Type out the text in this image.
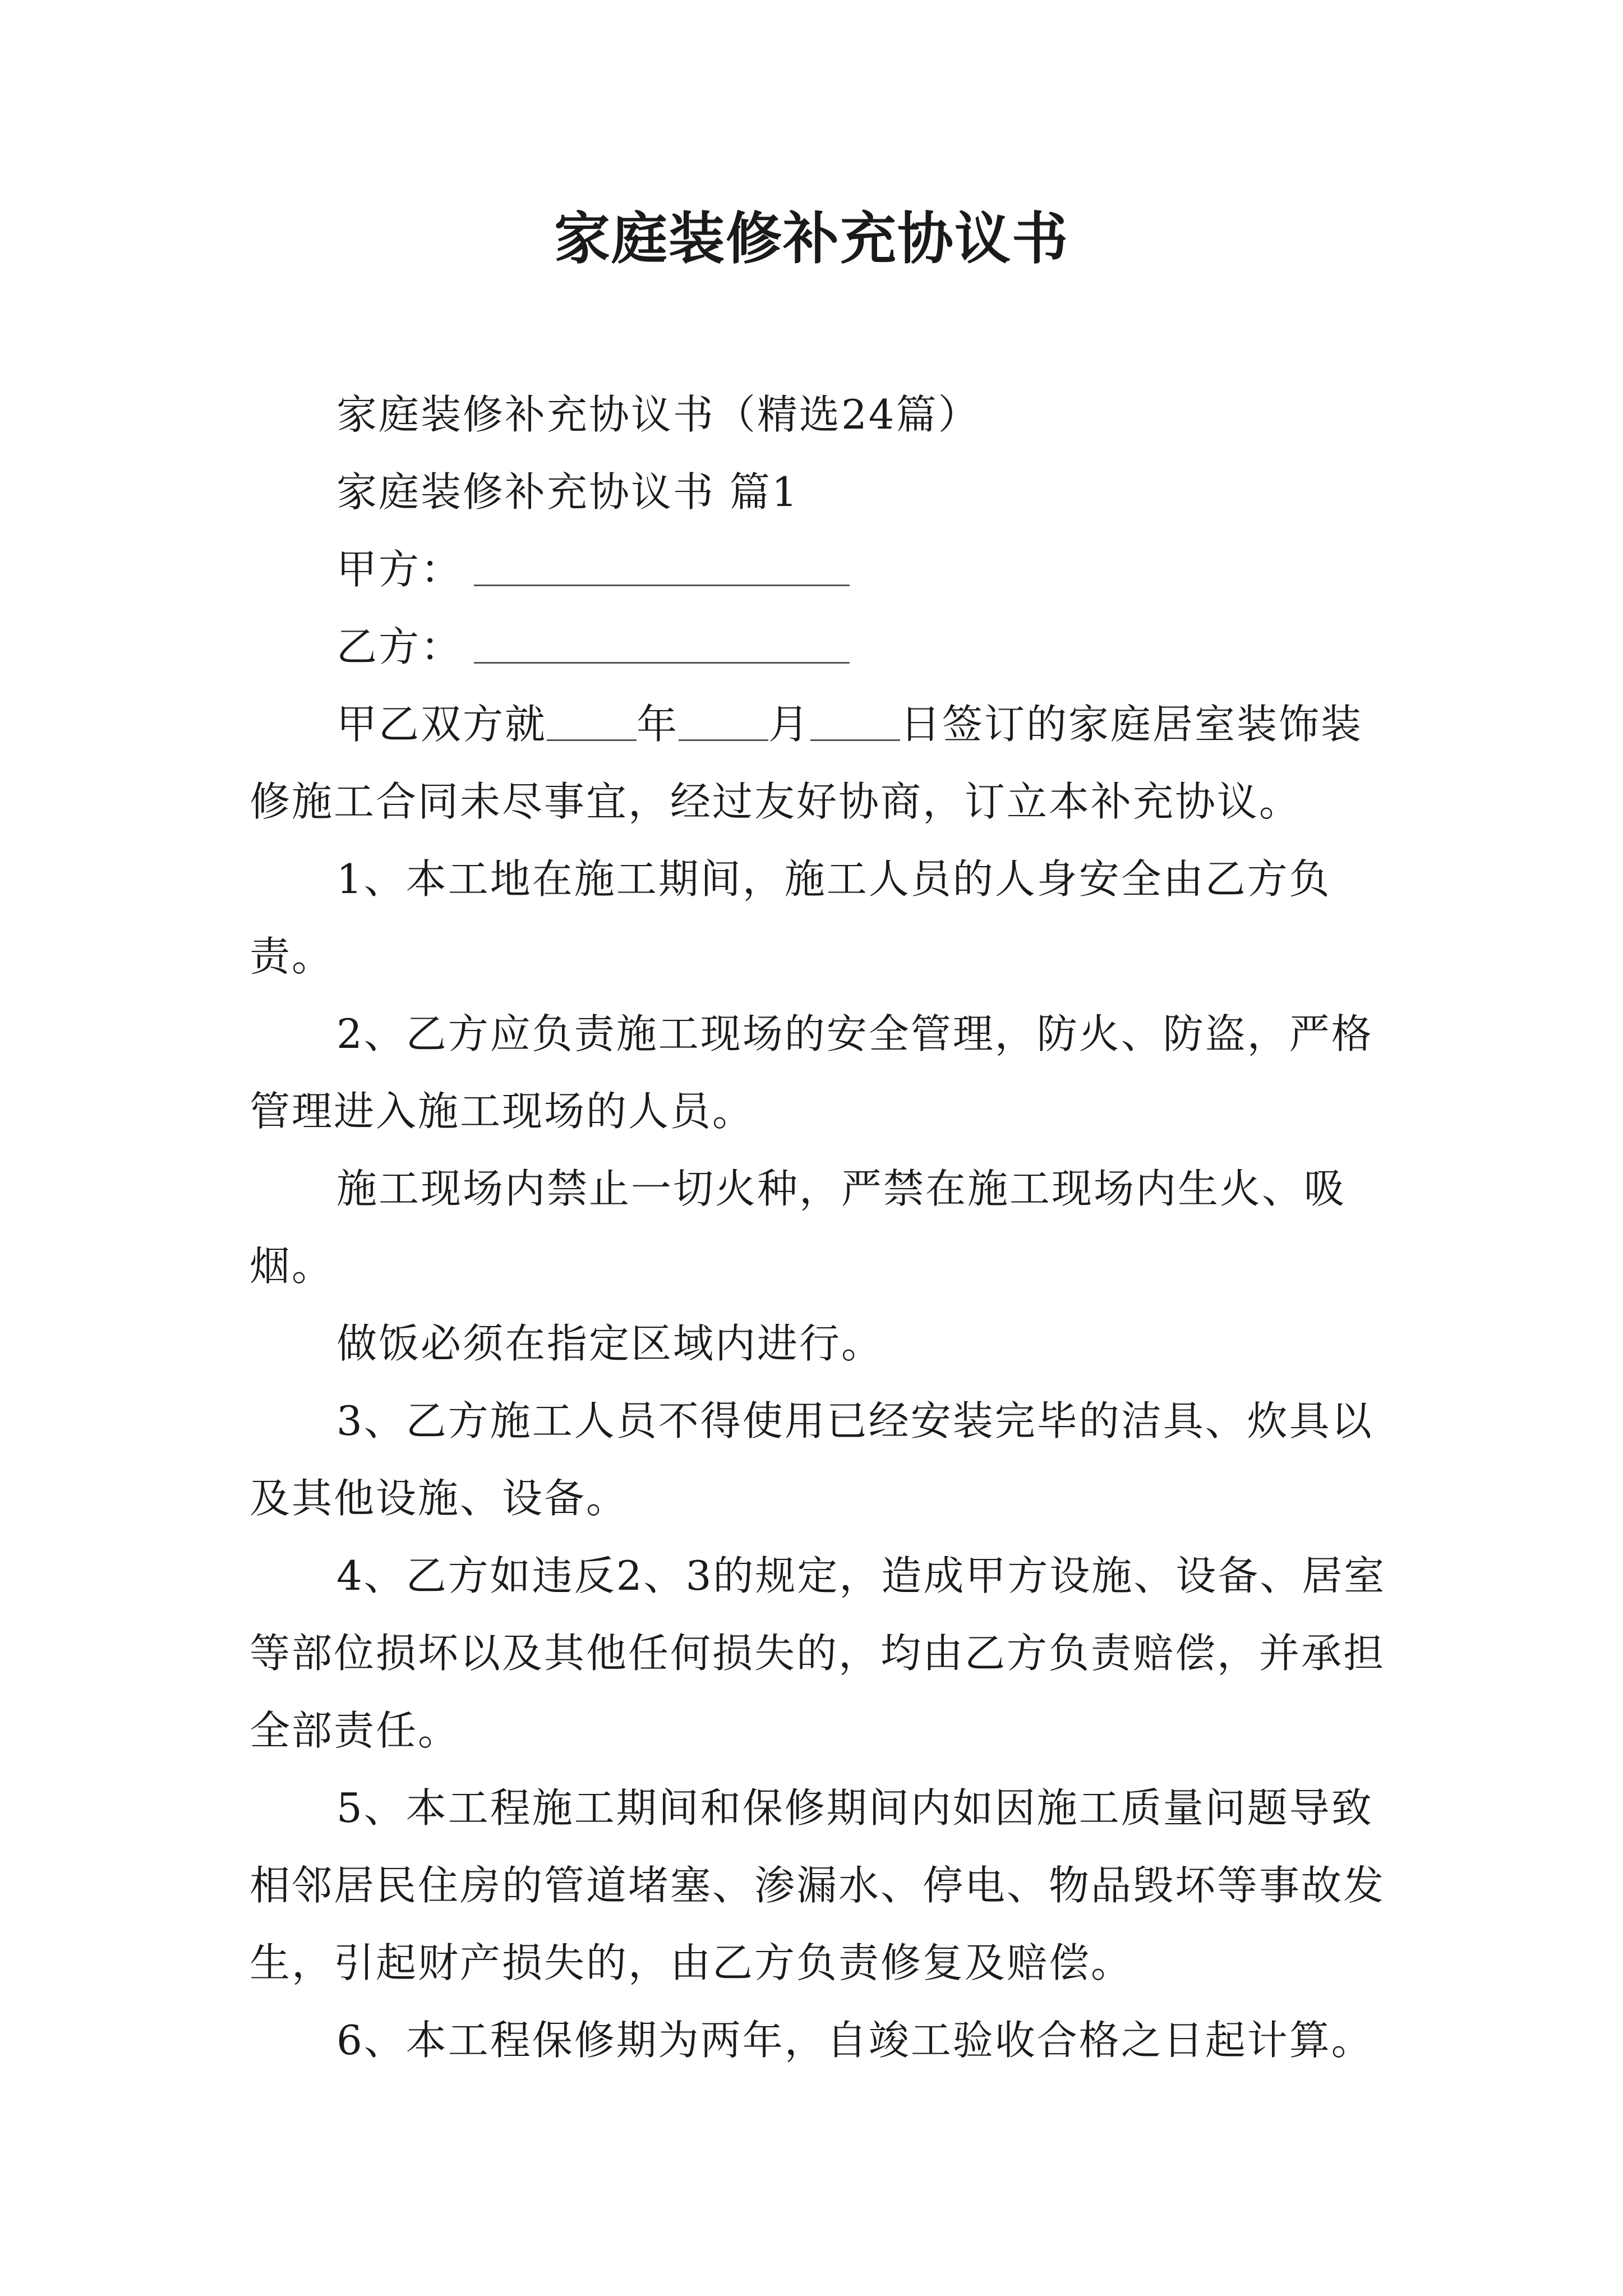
家庭装修补充协议书

家庭装修补充协议书（精选24篇）

家庭装修补充协议书 篇1

甲方：

乙方：

甲乙双方就 年 月 日签订的家庭居室装饰装修施工合同未尽事宜，经过友好协商，订立本补充协议。

1、本工地在施工期间，施工人员的人身安全由乙方负责。

2、乙方应负责施工现场的安全管理，防火、防盗，严格管理进入施工现场的人员。

施工现场内禁止一切火种，严禁在施工现场内生火、吸烟。

做饭必须在指定区域内进行。

3、乙方施工人员不得使用已经安装完毕的洁具、炊具以及其他设施、设备。

4、乙方如违反2、3的规定，造成甲方设施、设备、居室等部位损坏以及其他任何损失的，均由乙方负责赔偿，并承担全部责任。

5、本工程施工期间和保修期间内如因施工质量问题导致相邻居民住房的管道堵塞、渗漏水、停电、物品毁坏等事故发生，引起财产损失的，由乙方负责修复及赔偿。

6、本工程保修期为两年，自竣工验收合格之日起计算。
